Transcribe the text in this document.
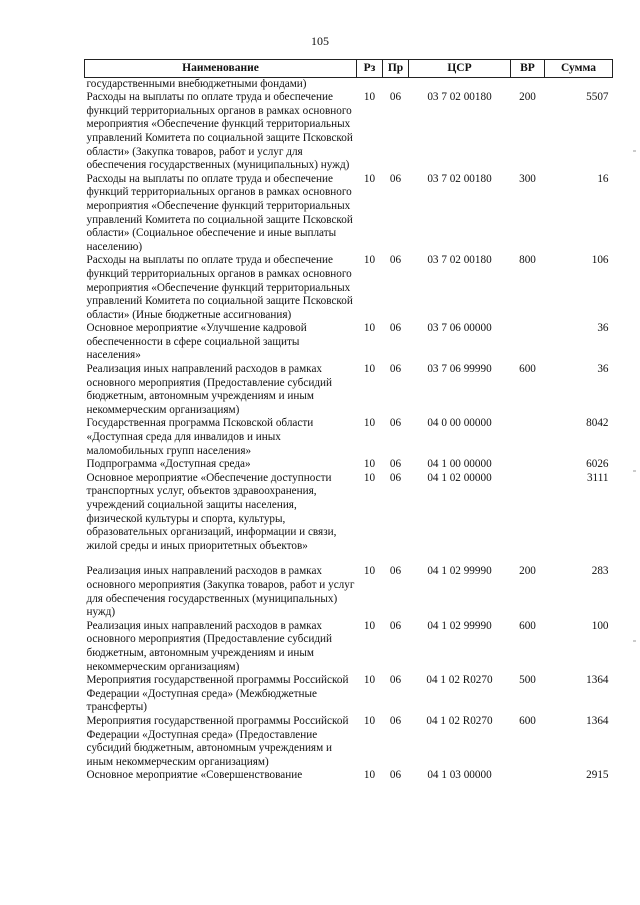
105
Наименование	Рз	Пр	ЦСР	ВР	Сумма
государственными внебюджетными фондами)					
Расходы на выплаты по оплате труда и обеспечение функций территориальных органов в рамках основного мероприятия «Обеспечение функций территориальных управлений Комитета по социальной защите Псковской области» (Закупка товаров, работ и услуг для обеспечения государственных (муниципальных) нужд)	10	06	03 7 02 00180	200	5507
Расходы на выплаты по оплате труда и обеспечение функций территориальных органов в рамках основного мероприятия «Обеспечение функций территориальных управлений Комитета по социальной защите Псковской области» (Социальное обеспечение и иные выплаты населению)	10	06	03 7 02 00180	300	16
Расходы на выплаты по оплате труда и обеспечение функций территориальных органов в рамках основного мероприятия «Обеспечение функций территориальных управлений Комитета по социальной защите Псковской области» (Иные бюджетные ассигнования)	10	06	03 7 02 00180	800	106
Основное мероприятие «Улучшение кадровой обеспеченности в сфере социальной защиты населения»	10	06	03 7 06 00000		36
Реализация иных направлений расходов в рамках основного мероприятия (Предоставление субсидий бюджетным, автономным учреждениям и иным некоммерческим организациям)	10	06	03 7 06 99990	600	36
Государственная программа Псковской области «Доступная среда для инвалидов и иных маломобильных групп населения»	10	06	04 0 00 00000		8042
Подпрограмма «Доступная среда»	10	06	04 1 00 00000		6026
Основное мероприятие «Обеспечение доступности транспортных услуг, объектов здравоохранения, учреждений социальной защиты населения, физической культуры и спорта, культуры, образовательных организаций, информации и связи, жилой среды и иных приоритетных объектов»	10	06	04 1 02 00000		3111
Реализация иных направлений расходов в рамках основного мероприятия (Закупка товаров, работ и услуг для обеспечения государственных (муниципальных) нужд)	10	06	04 1 02 99990	200	283
Реализация иных направлений расходов в рамках основного мероприятия (Предоставление субсидий бюджетным, автономным учреждениям и иным некоммерческим организациям)	10	06	04 1 02 99990	600	100
Мероприятия государственной программы Российской Федерации «Доступная среда» (Межбюджетные трансферты)	10	06	04 1 02 R0270	500	1364
Мероприятия государственной программы Российской Федерации «Доступная среда» (Предоставление субсидий бюджетным, автономным учреждениям и иным некоммерческим организациям)	10	06	04 1 02 R0270	600	1364
Основное мероприятие «Совершенствование	10	06	04 1 03 00000		2915
